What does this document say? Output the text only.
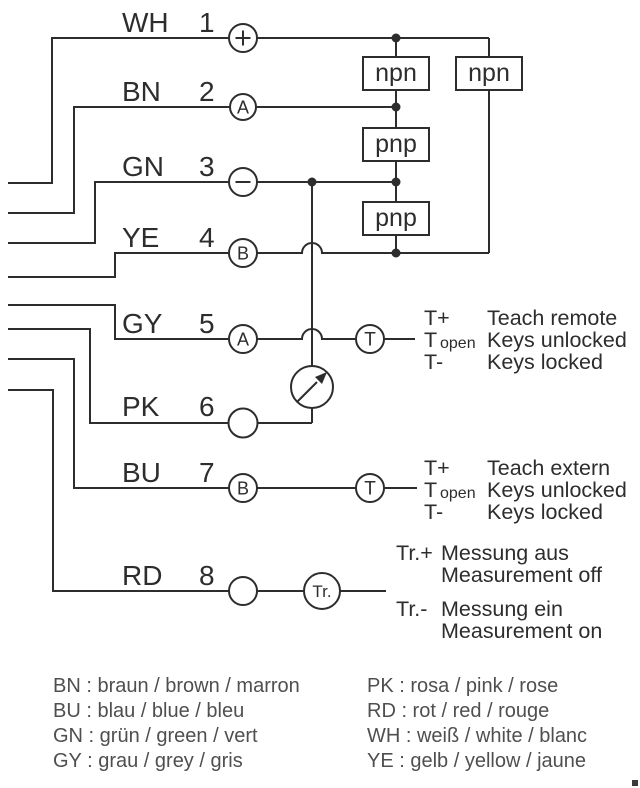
WH 1
BN 2
A
GN 3
YE 4
B
GY 5
A	T
PK 6
BU 7
B	T
RD 8
Tr.
npn
pnp
pnp
npn
T+ Teach remote
T open Keys unlocked
T- Keys locked
T+ Teach extern
T open Keys unlocked
T- Keys locked
Tr.+ Messung aus
Measurement off
Tr.- Messung ein
Measurement on
BN : braun / brown / marron
BU : blau / blue / bleu
GN : grün / green / vert
GY : grau / grey / gris
PK : rosa / pink / rose
RD : rot / red / rouge
WH : weiß / white / blanc
YE : gelb / yellow / jaune
